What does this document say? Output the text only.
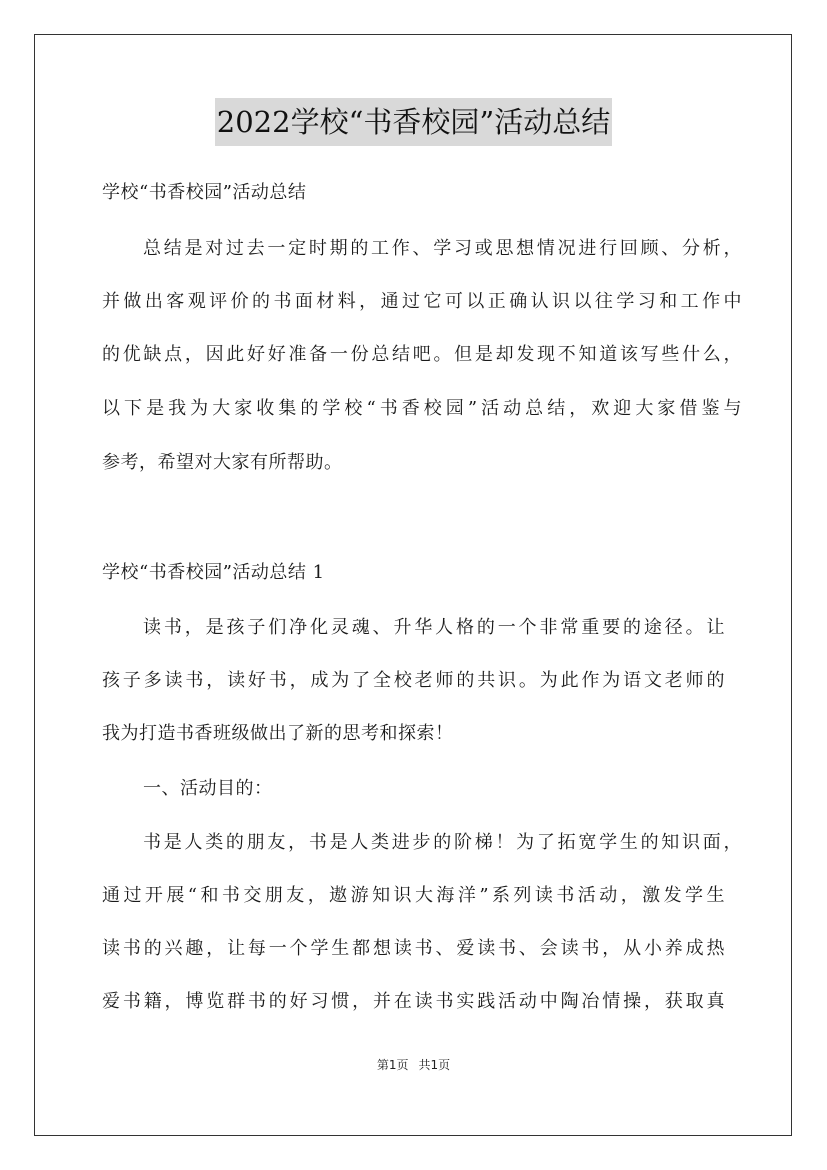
2022学校“书香校园”活动总结
学校“书香校园”活动总结
总结是对过去一定时期的工作、学习或思想情况进行回顾、分析，
并做出客观评价的书面材料，通过它可以正确认识以往学习和工作中
的优缺点，因此好好准备一份总结吧。但是却发现不知道该写些什么，
以下是我为大家收集的学校“书香校园”活动总结，欢迎大家借鉴与
参考，希望对大家有所帮助。
学校“书香校园”活动总结 1
读书，是孩子们净化灵魂、升华人格的一个非常重要的途径。让
孩子多读书，读好书，成为了全校老师的共识。为此作为语文老师的
我为打造书香班级做出了新的思考和探索！
一、活动目的：
书是人类的朋友，书是人类进步的阶梯！为了拓宽学生的知识面，
通过开展“和书交朋友，遨游知识大海洋”系列读书活动，激发学生
读书的兴趣，让每一个学生都想读书、爱读书、会读书，从小养成热
爱书籍，博览群书的好习惯，并在读书实践活动中陶冶情操，获取真
第1页 共1页
